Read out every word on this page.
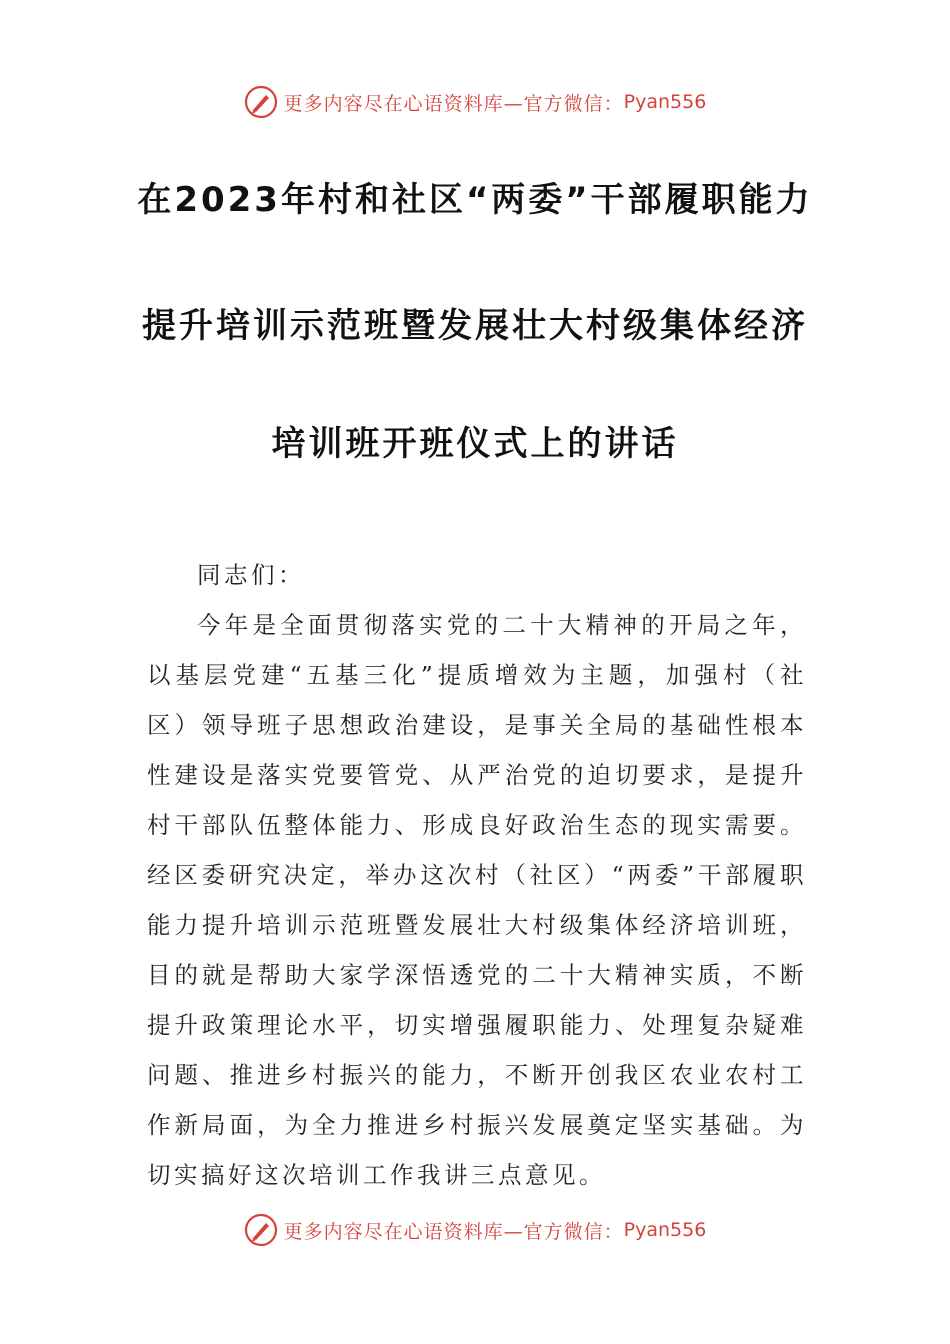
更多内容尽在心语资料库—官方微信： Pyan556
在2023年村和社区“两委”干部履职能力
提升培训示范班暨发展壮大村级集体经济
培训班开班仪式上的讲话

同志们：

今年是全面贯彻落实党的二十大精神的开局之年，以基层党建“五基三化”提质增效为主题，加强村（社区）领导班子思想政治建设，是事关全局的基础性根本性建设是落实党要管党、从严治党的迫切要求，是提升村干部队伍整体能力、形成良好政治生态的现实需要。经区委研究决定，举办这次村（社区）“两委”干部履职能力提升培训示范班暨发展壮大村级集体经济培训班，目的就是帮助大家学深悟透党的二十大精神实质，不断提升政策理论水平，切实增强履职能力、处理复杂疑难问题、推进乡村振兴的能力，不断开创我区农业农村工作新局面，为全力推进乡村振兴发展奠定坚实基础。为切实搞好这次培训工作我讲三点意见。

更多内容尽在心语资料库—官方微信： Pyan556
